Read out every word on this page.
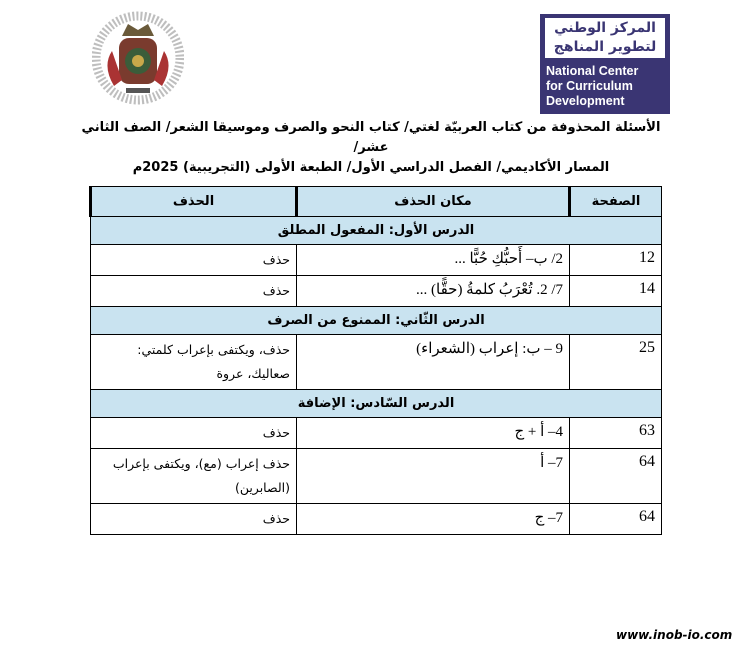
المركز الوطني
لتطوير المناهج
National Center
for Curriculum
Development
الأسئلة المحذوفة من كتاب العربيّة لغتي/ كتاب النحو والصرف وموسيقا الشعر/ الصف الثاني عشر/
المسار الأكاديمي/ الفصل الدراسي الأول/ الطبعة الأولى (التجريبية) 2025م
الصفحة	مكان الحذف	الحذف
الدرس الأول: المفعول المطلق		
12	2/ ب– أَحبُّكِ حُبًّا ...	حذف
14	7/ 2. تُعْرَبُ كلمةُ (حقًّا) ...	حذف
الدرس الثّاني: الممنوع من الصرف		
25	9 – ب: إعراب (الشعراء)	حذف، ويكتفى بإعراب كلمتي: صعاليك، عروة
الدرس السّادس: الإضافة		
63	4– أ + ج	حذف
64	7– أ	حذف إعراب (مع)، ويكتفى بإعراب (الصابرين)
64	7– ج	حذف
www.inob-io.com
